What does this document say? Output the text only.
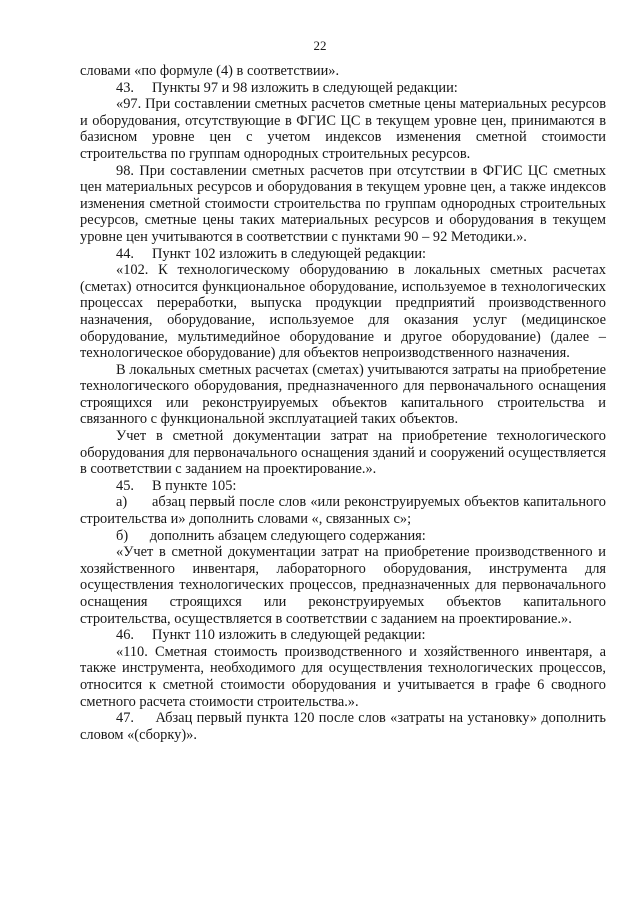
22

словами «по формуле (4) в соответствии».

43.     Пункты 97 и 98 изложить в следующей редакции:

«97. При составлении сметных расчетов сметные цены материальных ресурсов и оборудования, отсутствующие в ФГИС ЦС в текущем уровне цен, принимаются в базисном уровне цен с учетом индексов изменения сметной стоимости строительства по группам однородных строительных ресурсов.

98. При составлении сметных расчетов при отсутствии в ФГИС ЦС сметных цен материальных ресурсов и оборудования в текущем уровне цен, а также индексов изменения сметной стоимости строительства по группам однородных строительных ресурсов, сметные цены таких материальных ресурсов и оборудования в текущем уровне цен учитываются в соответствии с пунктами 90 – 92 Методики.».

44.     Пункт 102 изложить в следующей редакции:

«102. К технологическому оборудованию в локальных сметных расчетах (сметах) относится функциональное оборудование, используемое в технологических процессах переработки, выпуска продукции предприятий производственного назначения, оборудование, используемое для оказания услуг (медицинское оборудование, мультимедийное оборудование и другое оборудование) (далее – технологическое оборудование) для объектов непроизводственного назначения.

В локальных сметных расчетах (сметах) учитываются затраты на приобретение технологического оборудования, предназначенного для первоначального оснащения строящихся или реконструируемых объектов капитального строительства и связанного с функциональной эксплуатацией таких объектов.

Учет в сметной документации затрат на приобретение технологического оборудования для первоначального оснащения зданий и сооружений осуществляется в соответствии с заданием на проектирование.».

45.     В пункте 105:

а)      абзац первый после слов «или реконструируемых объектов капитального строительства и» дополнить словами «, связанных с»;

б)      дополнить абзацем следующего содержания:

«Учет в сметной документации затрат на приобретение производственного и хозяйственного инвентаря, лабораторного оборудования, инструмента для осуществления технологических процессов, предназначенных для первоначального оснащения строящихся или реконструируемых объектов капитального строительства, осуществляется в соответствии с заданием на проектирование.».

46.     Пункт 110 изложить в следующей редакции:

«110. Сметная стоимость производственного и хозяйственного инвентаря, а также инструмента, необходимого для осуществления технологических процессов, относится к сметной стоимости оборудования и учитывается в графе 6 сводного сметного расчета стоимости строительства.».

47.     Абзац первый пункта 120 после слов «затраты на установку» дополнить словом «(сборку)».
